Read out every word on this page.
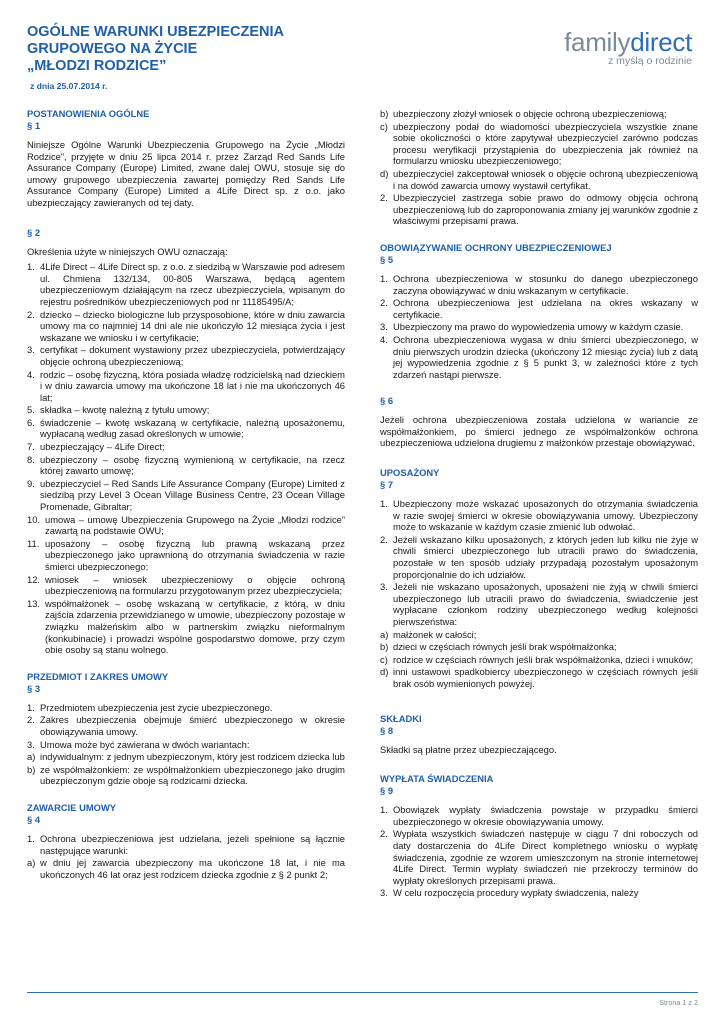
OGÓLNE WARUNKI UBEZPIECZENIA
GRUPOWEGO NA ŻYCIE
„MŁODZI RODZICE”
z dnia 25.07.2014 r.
familydirect
z myślą o rodzinie
POSTANOWIENIA OGÓLNE
§ 1

Niniejsze Ogólne Warunki Ubezpieczenia Grupowego na Życie „Młodzi Rodzice”, przyjęte w dniu 25 lipca 2014 r. przez Zarząd Red Sands Life Assurance Company (Europe) Limited, zwane dalej OWU, stosuje się do umowy grupowego ubezpieczenia zawartej pomiędzy Red Sands Life Assurance Company (Europe) Limited a 4Life Direct sp. z o.o. jako ubezpieczający zawieranych od tej daty.

§ 2

Określenia użyte w niniejszych OWU oznaczają:

1. 4Life Direct – 4Life Direct sp. z o.o. z siedzibą w Warszawie pod adresem ul. Chmiena 132/134, 00-805 Warszawa, będącą agentem ubezpieczeniowym działającym na rzecz ubezpieczyciela, wpisanym do rejestru pośredników ubezpieczeniowych pod nr 11185495/A;
2. dziecko – dziecko biologiczne lub przysposobione, które w dniu zawarcia umowy ma co najmniej 14 dni ale nie ukończyło 12 miesiąca życia i jest wskazane we wniosku i w certyfikacie;
3. certyfikat – dokument wystawiony przez ubezpieczyciela, potwierdzający objęcie ochroną ubezpieczeniową;
4. rodzic – osobę fizyczną, która posiada władzę rodzicielską nad dzieckiem i w dniu zawarcia umowy ma ukończone 18 lat i nie ma ukończonych 46 lat;
5. składka – kwotę należną z tytułu umowy;
6. świadczenie – kwotę wskazaną w certyfikacie, należną uposażonemu, wypłacaną według zasad określonych w umowie;
7. ubezpieczający – 4Life Direct;
8. ubezpieczony – osobę fizyczną wymienioną w certyfikacie, na rzecz której zawarto umowę;
9. ubezpieczyciel – Red Sands Life Assurance Company (Europe) Limited z siedzibą przy Level 3 Ocean Village Business Centre, 23 Ocean Village Promenade, Gibraltar;
10. umowa – umowę Ubezpieczenia Grupowego na Życie „Młodzi rodzice” zawartą na podstawie OWU;
11. uposażony – osobę fizyczną lub prawną wskazaną przez ubezpieczonego jako uprawnioną do otrzymania świadczenia w razie śmierci ubezpieczonego;
12. wniosek – wniosek ubezpieczeniowy o objęcie ochroną ubezpieczeniową na formularzu przygotowanym przez ubezpieczyciela;
13. współmałżonek – osobę wskazaną w certyfikacie, z którą, w dniu zajścia zdarzenia przewidzianego w umowie, ubezpieczony pozostaje w związku małżeńskim albo w partnerskim związku nieformalnym (konkubinacie) i prowadzi wspólne gospodarstwo domowe, przy czym obie osoby są stanu wolnego.
PRZEDMIOT I ZAKRES UMOWY
§ 3
1. Przedmiotem ubezpieczenia jest życie ubezpieczonego.
2. Zakres ubezpieczenia obejmuje śmierć ubezpieczonego w okresie obowiązywania umowy.
3. Umowa może być zawierana w dwóch wariantach:
a) indywidualnym: z jednym ubezpieczonym, który jest rodzicem dziecka lub
b) ze współmałżonkiem: ze współmałżonkiem ubezpieczonego jako drugim ubezpieczonym gdzie oboje są rodzicami dziecka.
ZAWARCIE UMOWY
§ 4
1. Ochrona ubezpieczeniowa jest udzielana, jeżeli spełnione są łącznie następujące warunki:
a) w dniu jej zawarcia ubezpieczony ma ukończone 18 lat, i nie ma ukończonych 46 lat oraz jest rodzicem dziecka zgodnie z § 2 punkt 2;
b) ubezpieczony złożył wniosek o objęcie ochroną ubezpieczeniową;
c) ubezpieczony podał do wiadomości ubezpieczyciela wszystkie znane sobie okoliczności o które zapytywał ubezpieczyciel zarówno podczas procesu weryfikacji przystąpienia do ubezpieczenia jak również na formularzu wniosku ubezpieczeniowego;
d) ubezpieczyciel zakceptował wniosek o objęcie ochroną ubezpieczeniową i na dowód zawarcia umowy wystawił certyfikat.
2. Ubezpieczyciel zastrzega sobie prawo do odmowy objęcia ochroną ubezpieczeniową lub do zaproponowania zmiany jej warunków zgodnie z właściwymi przepisami prawa.
OBOWIĄZYWANIE OCHRONY UBEZPIECZENIOWEJ
§ 5
1. Ochrona ubezpieczeniowa w stosunku do danego ubezpieczonego zaczyna obowiązywać w dniu wskazanym w certyfikacie.
2. Ochrona ubezpieczeniowa jest udzielana na okres wskazany w certyfikacie.
3. Ubezpieczony ma prawo do wypowiedzenia umowy w każdym czasie.
4. Ochrona ubezpieczeniowa wygasa w dniu śmierci ubezpieczonego, w dniu pierwszych urodzin dziecka (ukończony 12 miesiąc życia) lub z datą jej wypowiedzenia zgodnie z § 5 punkt 3, w zależności które z tych zdarzeń nastąpi pierwsze.
§ 6

Jeżeli ochrona ubezpieczeniowa została udzielona w wariancie ze współmałżonkiem, po śmierci jednego ze współmałżonków ochrona ubezpieczeniowa udzielona drugiemu z małżonków przestaje obowiązywać.

UPOSAŻONY
§ 7
1. Ubezpieczony może wskazać uposażonych do otrzymania świadczenia w razie swojej śmierci w okresie obowiązywania umowy. Ubezpieczony może to wskazanie w każdym czasie zmienić lub odwołać.
2. Jeżeli wskazano kilku uposażonych, z których jeden lub kilku nie żyje w chwili śmierci ubezpieczonego lub utracili prawo do świadczenia, pozostałe w ten sposób udziały przypadają pozostałym uposażonym proporcjonalnie do ich udziałów.
3. Jeżeli nie wskazano uposażonych, uposażeni nie żyją w chwili śmierci ubezpieczonego lub utracili prawo do świadczenia, świadczenie jest wypłacane członkom rodziny ubezpieczonego według kolejności pierwszeństwa:
a) małżonek w całości;
b) dzieci w częściach równych jeśli brak współmałżonka;
c) rodzice w częściach równych jeśli brak współmałżonka, dzieci i wnuków;
d) inni ustawowi spadkobiercy ubezpieczonego w częściach równych jeśli brak osób wymienionych powyżej.
SKŁADKI
§ 8

Składki są płatne przez ubezpieczającego.

WYPŁATA ŚWIADCZENIA
§ 9
1. Obowiązek wypłaty świadczenia powstaje w przypadku śmierci ubezpieczonego w okresie obowiązywania umowy.
2. Wypłata wszystkich świadczeń następuje w ciągu 7 dni roboczych od daty dostarczenia do 4Life Direct kompletnego wniosku o wypłatę świadczenia, zgodnie ze wzorem umieszczonym na stronie internetowej 4Life Direct. Termin wypłaty świadczeń nie przekroczy terminów do wypłaty określonych przepisami prawa.
3. W celu rozpoczęcia procedury wypłaty świadczenia, należy
Strona 1 z 2
